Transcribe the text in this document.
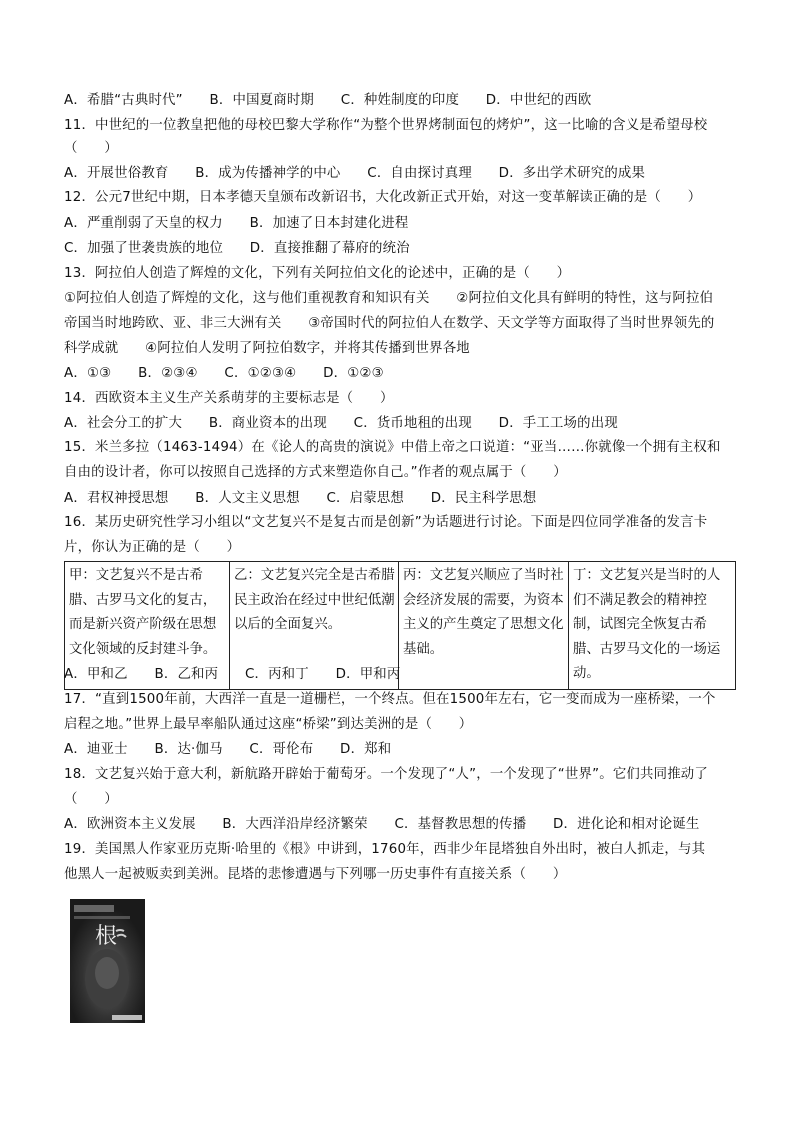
A．希腊“古典时代”      B．中国夏商时期      C．种姓制度的印度      D．中世纪的西欧
11．中世纪的一位教皇把他的母校巴黎大学称作“为整个世界烤制面包的烤炉”，这一比喻的含义是希望母校
（      ）
A．开展世俗教育      B．成为传播神学的中心      C．自由探讨真理      D．多出学术研究的成果
12．公元7世纪中期，日本孝德天皇颁布改新诏书，大化改新正式开始，对这一变革解读正确的是（      ）
A．严重削弱了天皇的权力      B．加速了日本封建化进程
C．加强了世袭贵族的地位      D．直接推翻了幕府的统治
13．阿拉伯人创造了辉煌的文化，下列有关阿拉伯文化的论述中，正确的是（      ）
①阿拉伯人创造了辉煌的文化，这与他们重视教育和知识有关      ②阿拉伯文化具有鲜明的特性，这与阿拉伯
帝国当时地跨欧、亚、非三大洲有关      ③帝国时代的阿拉伯人在数学、天文学等方面取得了当时世界领先的
科学成就      ④阿拉伯人发明了阿拉伯数字，并将其传播到世界各地
A．①③      B．②③④      C．①②③④      D．①②③
14．西欧资本主义生产关系萌芽的主要标志是（      ）
A．社会分工的扩大      B．商业资本的出现      C．货币地租的出现      D．手工工场的出现
15．米兰多拉（1463-1494）在《论人的高贵的演说》中借上帝之口说道：“亚当……你就像一个拥有主权和
自由的设计者，你可以按照自己选择的方式来塑造你自己。”作者的观点属于（      ）
A．君权神授思想      B．人文主义思想      C．启蒙思想      D．民主科学思想
16．某历史研究性学习小组以“文艺复兴不是复古而是创新”为话题进行讨论。下面是四位同学准备的发言卡
片，你认为正确的是（      ）
甲：文艺复兴不是古希腊、古罗马文化的复古，而是新兴资产阶级在思想文化领域的反封建斗争。	乙：文艺复兴完全是古希腊民主政治在经过中世纪低潮以后的全面复兴。	丙：文艺复兴顺应了当时社会经济发展的需要，为资本主义的产生奠定了思想文化基础。	丁：文艺复兴是当时的人们不满足教会的精神控制，试图完全恢复古希腊、古罗马文化的一场运动。
A．甲和乙      B．乙和丙      C．丙和丁      D．甲和丙
17．“直到1500年前，大西洋一直是一道栅栏，一个终点。但在1500年左右，它一变而成为一座桥梁，一个
启程之地。”世界上最早率船队通过这座“桥梁”到达美洲的是（      ）
A．迪亚士      B．达·伽马      C．哥伦布      D．郑和
18．文艺复兴始于意大利，新航路开辟始于葡萄牙。一个发现了“人”，一个发现了“世界”。它们共同推动了
（      ）
A．欧洲资本主义发展      B．大西洋沿岸经济繁荣      C．基督教思想的传播      D．进化论和相对论诞生
19．美国黑人作家亚历克斯·哈里的《根》中讲到，1760年，西非少年昆塔独自外出时，被白人抓走，与其
他黑人一起被贩卖到美洲。昆塔的悲惨遭遇与下列哪一历史事件有直接关系（      ）
根
